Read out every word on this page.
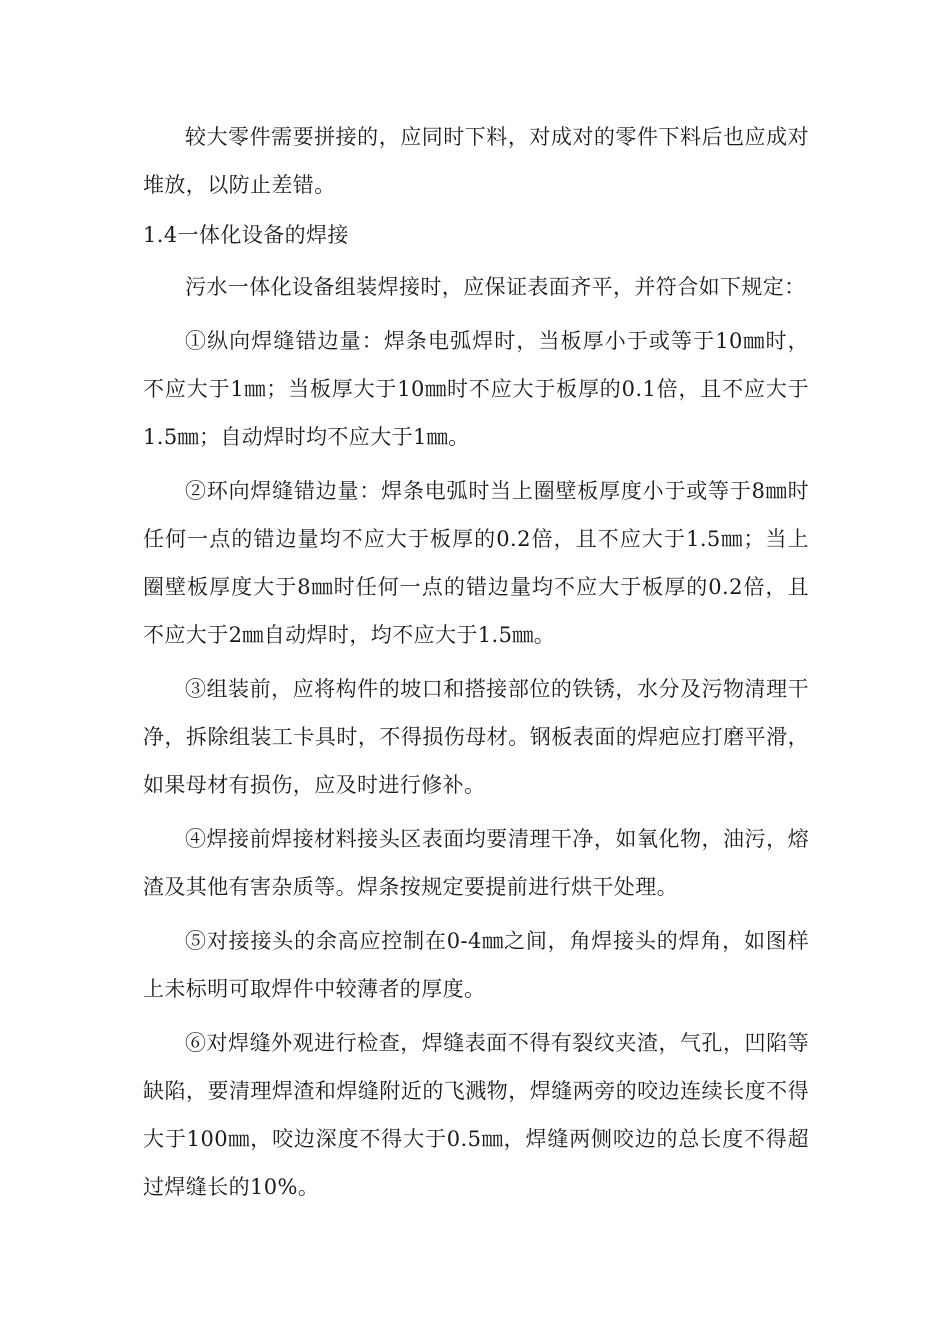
较大零件需要拼接的，应同时下料，对成对的零件下料后也应成对堆放，以防止差错。

1.4一体化设备的焊接

污水一体化设备组装焊接时，应保证表面齐平，并符合如下规定：

①纵向焊缝错边量：焊条电弧焊时，当板厚小于或等于10㎜时，不应大于1㎜；当板厚大于10㎜时不应大于板厚的0.1倍，且不应大于1.5㎜；自动焊时均不应大于1㎜。

②环向焊缝错边量：焊条电弧时当上圈壁板厚度小于或等于8㎜时任何一点的错边量均不应大于板厚的0.2倍，且不应大于1.5㎜；当上圈壁板厚度大于8㎜时任何一点的错边量均不应大于板厚的0.2倍，且不应大于2㎜自动焊时，均不应大于1.5㎜。

③组装前，应将构件的坡口和搭接部位的铁锈，水分及污物清理干净，拆除组装工卡具时，不得损伤母材。钢板表面的焊疤应打磨平滑，如果母材有损伤，应及时进行修补。

④焊接前焊接材料接头区表面均要清理干净，如氧化物，油污，熔渣及其他有害杂质等。焊条按规定要提前进行烘干处理。

⑤对接接头的余高应控制在0-4㎜之间，角焊接头的焊角，如图样上未标明可取焊件中较薄者的厚度。

⑥对焊缝外观进行检查，焊缝表面不得有裂纹夹渣，气孔，凹陷等缺陷，要清理焊渣和焊缝附近的飞溅物，焊缝两旁的咬边连续长度不得大于100㎜，咬边深度不得大于0.5㎜，焊缝两侧咬边的总长度不得超过焊缝长的10%。
